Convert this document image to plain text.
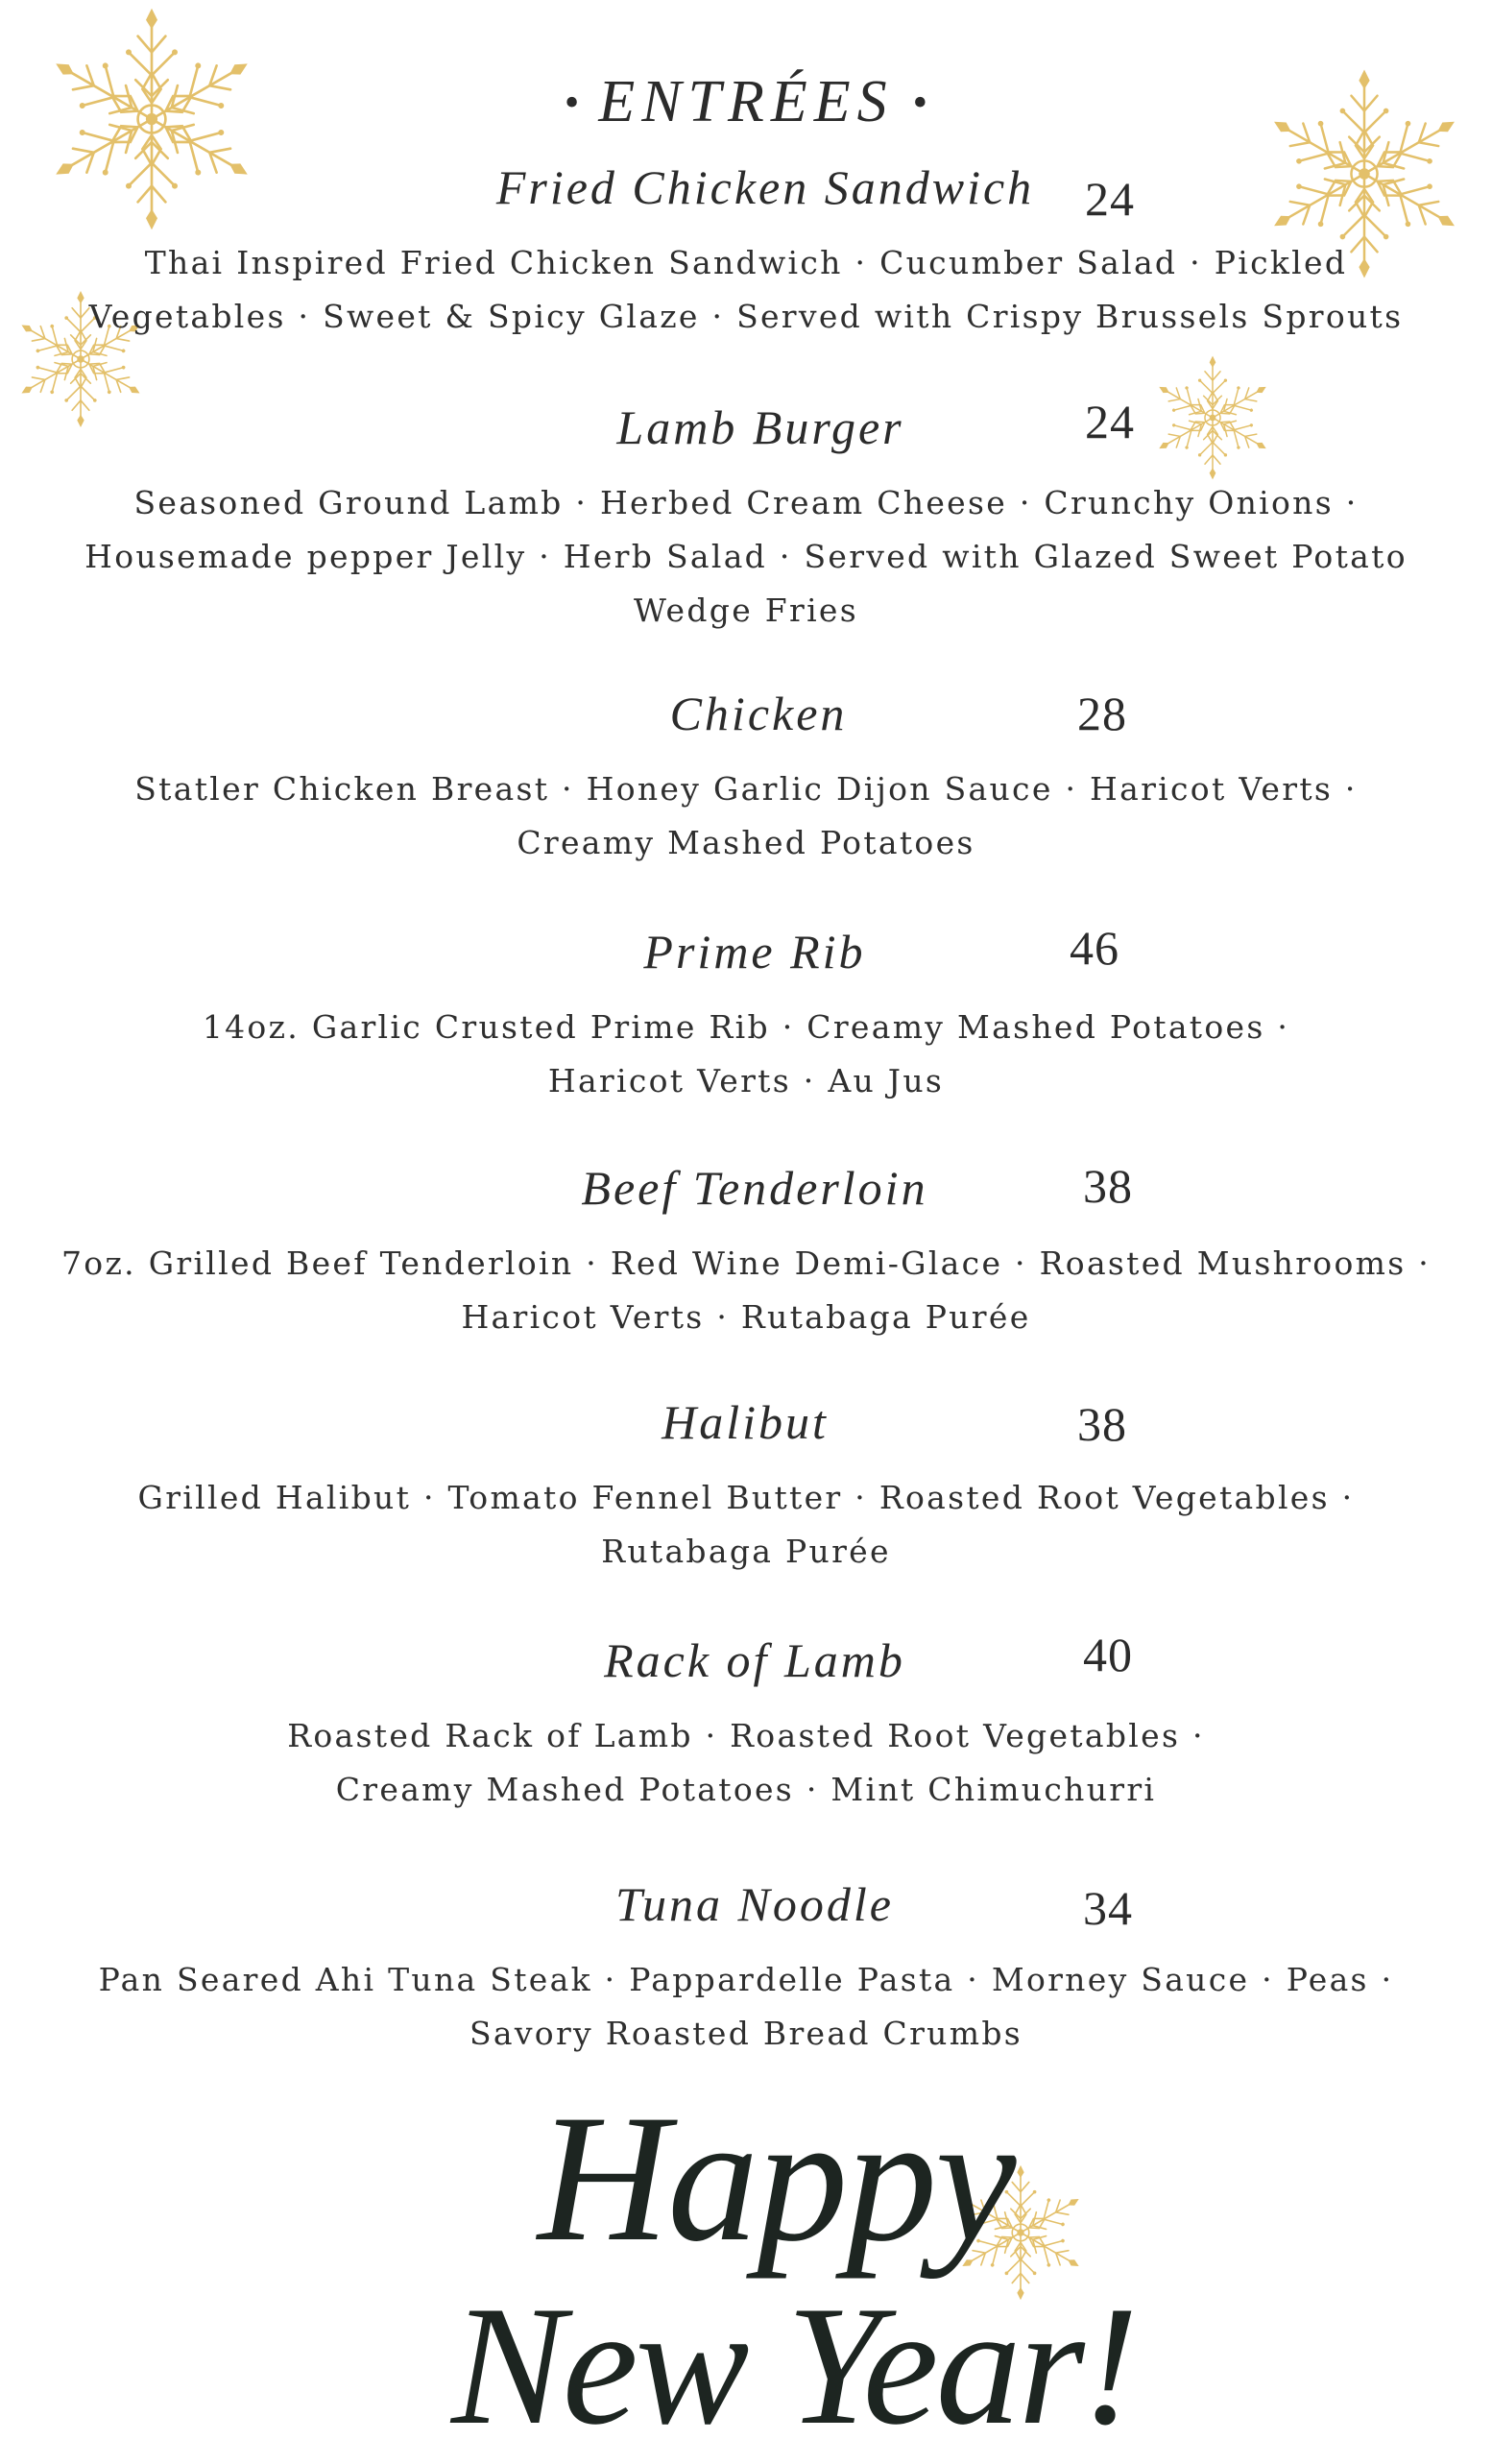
• ENTRÉES •
Fried Chicken Sandwich 24
Thai Inspired Fried Chicken Sandwich · Cucumber Salad · Pickled
Vegetables · Sweet & Spicy Glaze · Served with Crispy Brussels Sprouts
Lamb Burger	24
Seasoned Ground Lamb · Herbed Cream Cheese · Crunchy Onions ·
Housemade pepper Jelly · Herb Salad · Served with Glazed Sweet Potato
Wedge Fries
Chicken	28
Statler Chicken Breast · Honey Garlic Dijon Sauce · Haricot Verts ·
Creamy Mashed Potatoes
Prime Rib	46
14oz. Garlic Crusted Prime Rib · Creamy Mashed Potatoes ·
Haricot Verts · Au Jus
Beef Tenderloin	38
7oz. Grilled Beef Tenderloin · Red Wine Demi-Glace · Roasted Mushrooms ·
Haricot Verts · Rutabaga Purée
Halibut	38
Grilled Halibut · Tomato Fennel Butter · Roasted Root Vegetables ·
Rutabaga Purée
Rack of Lamb	40
Roasted Rack of Lamb · Roasted Root Vegetables ·
Creamy Mashed Potatoes · Mint Chimuchurri
Tuna Noodle	34
Pan Seared Ahi Tuna Steak · Pappardelle Pasta · Morney Sauce · Peas ·
Savory Roasted Bread Crumbs
Happy
New Year!
